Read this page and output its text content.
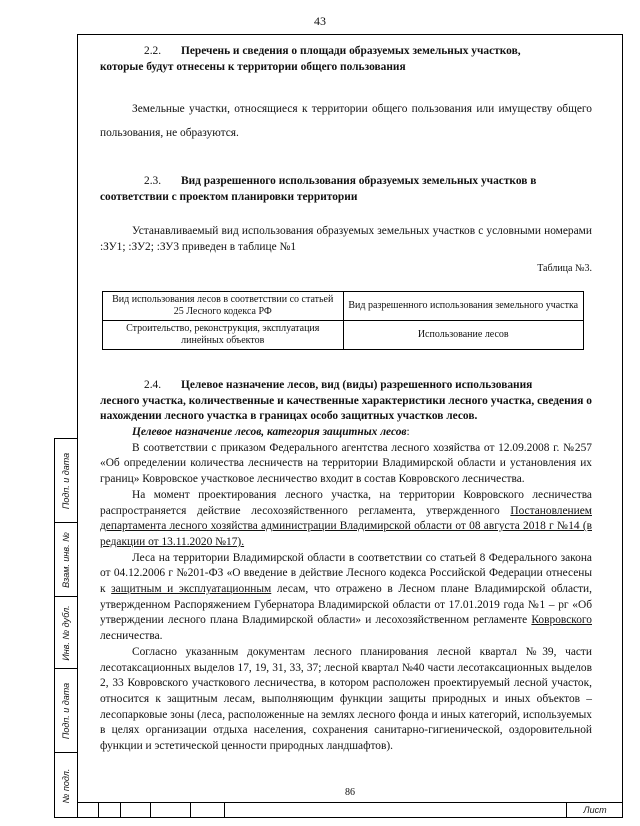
43
Подп. и дата
Взам. инв. №
Инв. № дубл.
Подп. и дата
№ подл.
2.2.	Перечень и сведения о площади образуемых земельных участков,
которые будут отнесены к территории общего пользования

Земельные участки, относящиеся к территории общего пользования или имуществу общего пользования, не образуются.

2.3.	Вид разрешенного использования образуемых земельных участков в
соответствии с проектом планировки территории

Устанавливаемый вид использования образуемых земельных участков с условными номерами :ЗУ1; :ЗУ2; :ЗУ3 приведен в таблице №1

Таблица №3.
Вид использования лесов в соответствии со статьей 25 Лесного кодекса РФ	Вид разрешенного использования земельного участка
Строительство, реконструкция, эксплуатация линейных объектов	Использование лесов
2.4.	Целевое назначение лесов, вид (виды) разрешенного использования
лесного участка, количественные и качественные характеристики лесного участка, сведения о нахождении лесного участка в границах особо защитных участков лесов.
Целевое назначение лесов, категория защитных лесов:

В соответствии с приказом Федерального агентства лесного хозяйства от 12.09.2008 г. №257 «Об определении количества лесничеств на территории Владимирской области и установления их границ» Ковровское участковое лесничество входит в состав Ковровского лесничества.

На момент проектирования лесного участка, на территории Ковровского лесничества распространяется действие лесохозяйственного регламента, утвержденного Постановлением департамента лесного хозяйства администрации Владимирской области от 08 августа 2018 г №14 (в редакции от 13.11.2020 №17).

Леса на территории Владимирской области в соответствии со статьей 8 Федерального закона от 04.12.2006 г №201-ФЗ «О введение в действие Лесного кодекса Российской Федерации отнесены к защитным и эксплуатационным лесам, что отражено в Лесном плане Владимирской области, утвержденном Распоряжением Губернатора Владимирской области от 17.01.2019 года №1 – рг «Об утверждении лесного плана Владимирской области» и лесохозяйственном регламенте Ковровского лесничества.

Согласно указанным документам лесного планирования лесной квартал №39, части лесотаксационных выделов 17, 19, 31, 33, 37; лесной квартал №40 части лесотаксационных выделов 2, 33 Ковровского участкового лесничества, в котором расположен проектируемый лесной участок, относится к защитным лесам, выполняющим функции защиты природных и иных объектов – лесопарковые зоны (леса, расположенные на землях лесного фонда и иных категорий, используемых в целях организации отдыха населения, сохранения санитарно-гигиенической, оздоровительной функции и эстетической ценности природных ландшафтов).

86
Лист
